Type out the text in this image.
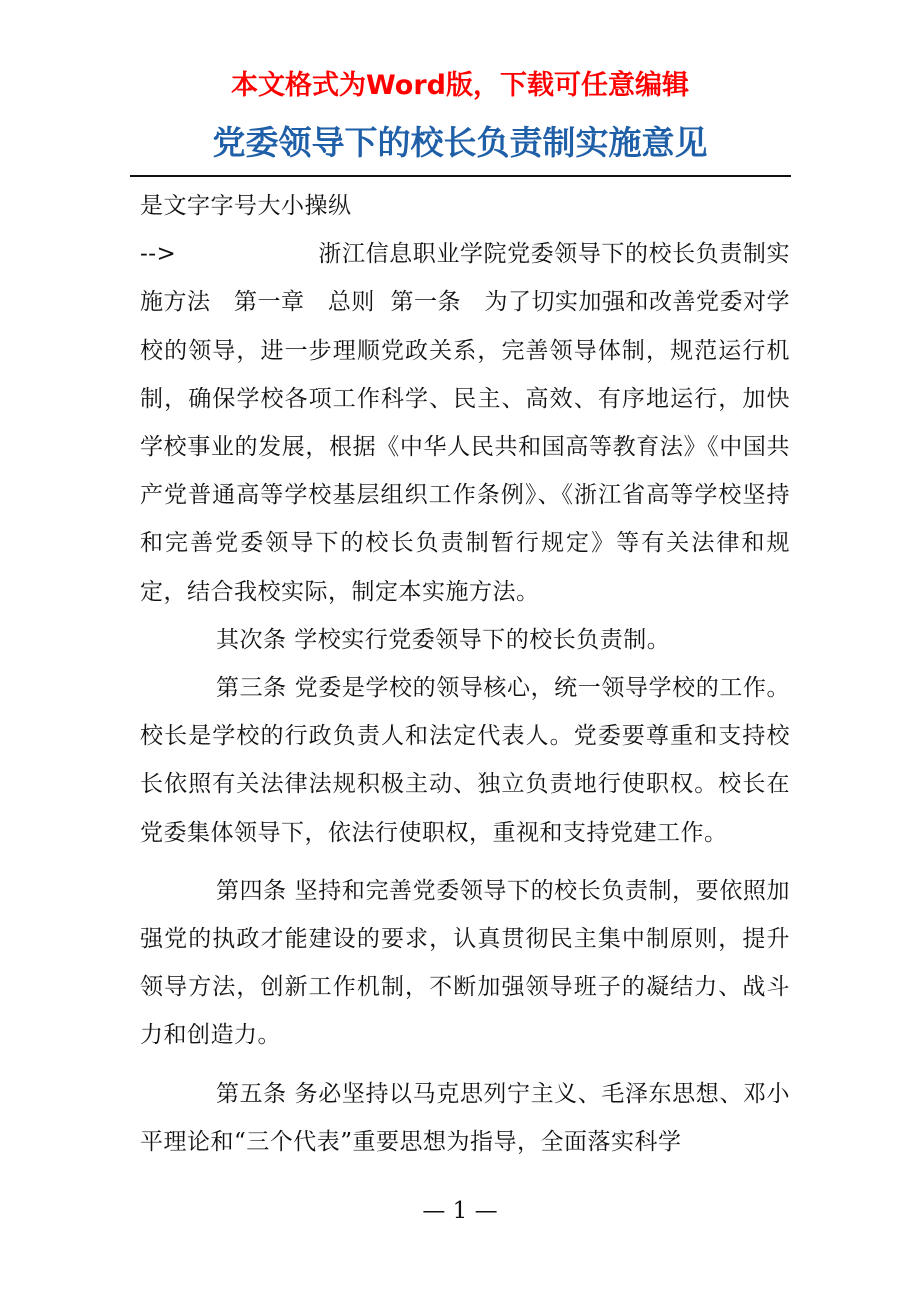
本文格式为Word版，下载可任意编辑
党委领导下的校长负责制实施意见

是文字字号大小操纵

-->                  浙江信息职业学院党委领导下的校长负责制实施方法   第一章   总则  第一条   为了切实加强和改善党委对学校的领导，进一步理顺党政关系，完善领导体制，规范运行机制，确保学校各项工作科学、民主、高效、有序地运行，加快学校事业的发展，根据《中华人民共和国高等教育法》《中国共产党普通高等学校基层组织工作条例》、《浙江省高等学校坚持和完善党委领导下的校长负责制暂行规定》等有关法律和规定，结合我校实际，制定本实施方法。

其次条 学校实行党委领导下的校长负责制。

第三条 党委是学校的领导核心，统一领导学校的工作。校长是学校的行政负责人和法定代表人。党委要尊重和支持校长依照有关法律法规积极主动、独立负责地行使职权。校长在党委集体领导下，依法行使职权，重视和支持党建工作。

第四条 坚持和完善党委领导下的校长负责制，要依照加强党的执政才能建设的要求，认真贯彻民主集中制原则，提升领导方法，创新工作机制，不断加强领导班子的凝结力、战斗力和创造力。

第五条 务必坚持以马克思列宁主义、毛泽东思想、邓小平理论和“三个代表”重要思想为指导，全面落实科学

— 1 —
